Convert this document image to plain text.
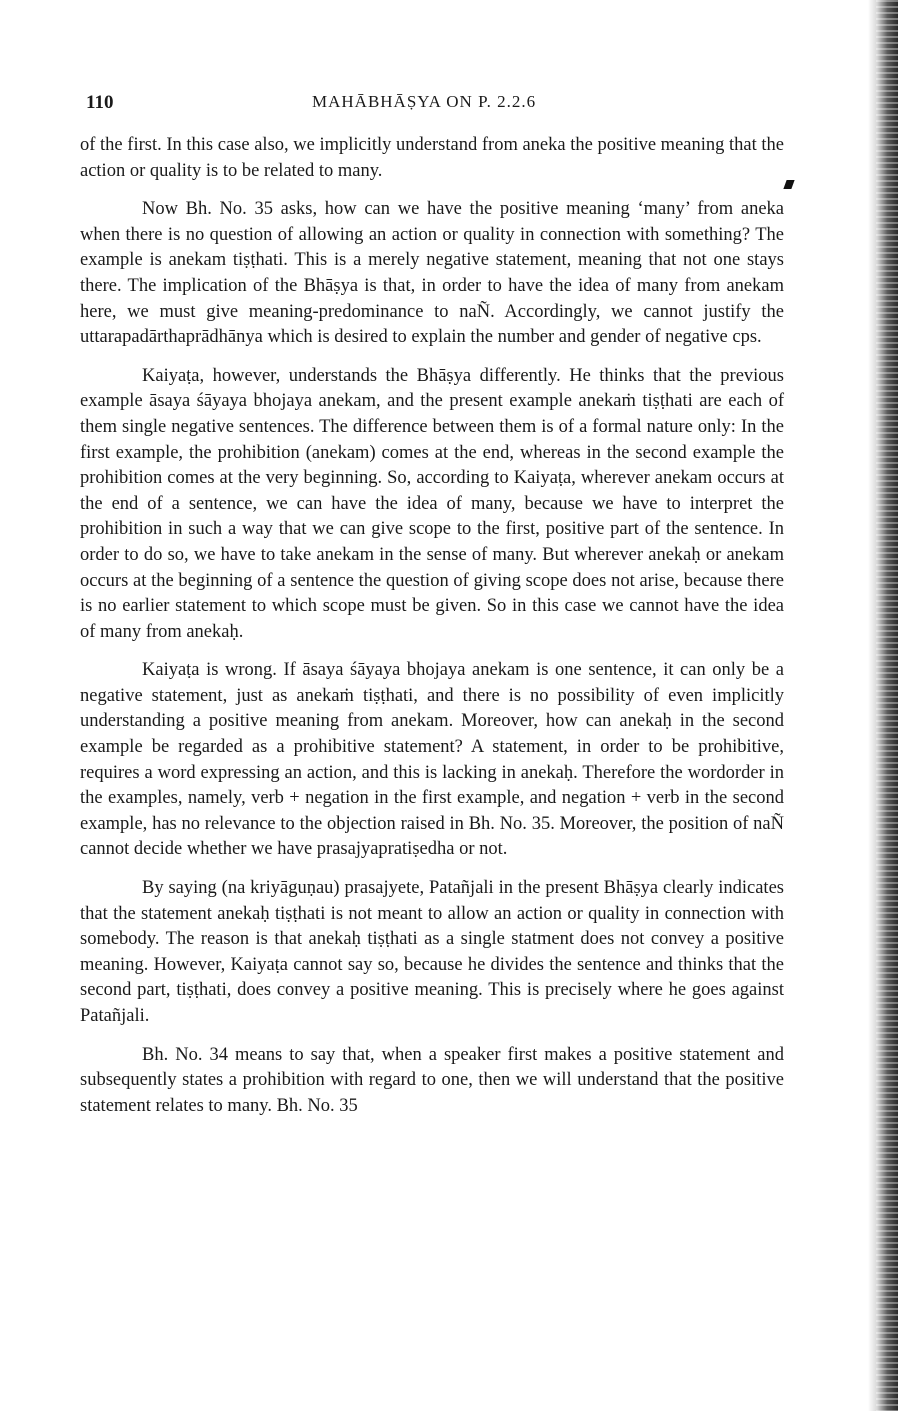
110	MAHĀBHĀṢYA ON P. 2.2.6

of the first. In this case also, we implicitly understand from aneka the positive meaning that the action or quality is to be related to many.

Now Bh. No. 35 asks, how can we have the positive meaning ‘many’ from aneka when there is no question of allowing an action or quality in connection with something? The example is anekam tiṣṭhati. This is a merely negative statement, meaning that not one stays there. The implication of the Bhāṣya is that, in order to have the idea of many from anekam here, we must give meaning-predominance to naÑ. Accordingly, we cannot justify the uttarapadārthaprādhānya which is desired to explain the number and gender of negative cps.

Kaiyaṭa, however, understands the Bhāṣya differently. He thinks that the previous example āsaya śāyaya bhojaya anekam, and the present example anekaṁ tiṣṭhati are each of them single negative sentences. The difference between them is of a formal nature only: In the first example, the prohibition (anekam) comes at the end, whereas in the second example the prohibition comes at the very beginning. So, according to Kaiyaṭa, wherever anekam occurs at the end of a sentence, we can have the idea of many, because we have to interpret the prohibition in such a way that we can give scope to the first, positive part of the sentence. In order to do so, we have to take anekam in the sense of many. But wherever anekaḥ or anekam occurs at the beginning of a sentence the question of giving scope does not arise, because there is no earlier statement to which scope must be given. So in this case we cannot have the idea of many from anekaḥ.

Kaiyaṭa is wrong. If āsaya śāyaya bhojaya anekam is one sentence, it can only be a negative statement, just as anekaṁ tiṣṭhati, and there is no possibility of even implicitly understanding a positive meaning from anekam. Moreover, how can anekaḥ in the second example be regarded as a prohibitive statement? A statement, in order to be prohibitive, requires a word expressing an action, and this is lacking in anekaḥ. Therefore the wordorder in the examples, namely, verb + negation in the first example, and negation + verb in the second example, has no relevance to the objection raised in Bh. No. 35. Moreover, the position of naÑ cannot decide whether we have prasajyapratiṣedha or not.

By saying (na kriyāguṇau) prasajyete, Patañjali in the present Bhāṣya clearly indicates that the statement anekaḥ tiṣṭhati is not meant to allow an action or quality in connection with somebody. The reason is that anekaḥ tiṣṭhati as a single statment does not convey a positive meaning. However, Kaiyaṭa cannot say so, because he divides the sentence and thinks that the second part, tiṣṭhati, does convey a positive meaning. This is precisely where he goes against Patañjali.

Bh. No. 34 means to say that, when a speaker first makes a positive statement and subsequently states a prohibition with regard to one, then we will understand that the positive statement relates to many. Bh. No. 35
